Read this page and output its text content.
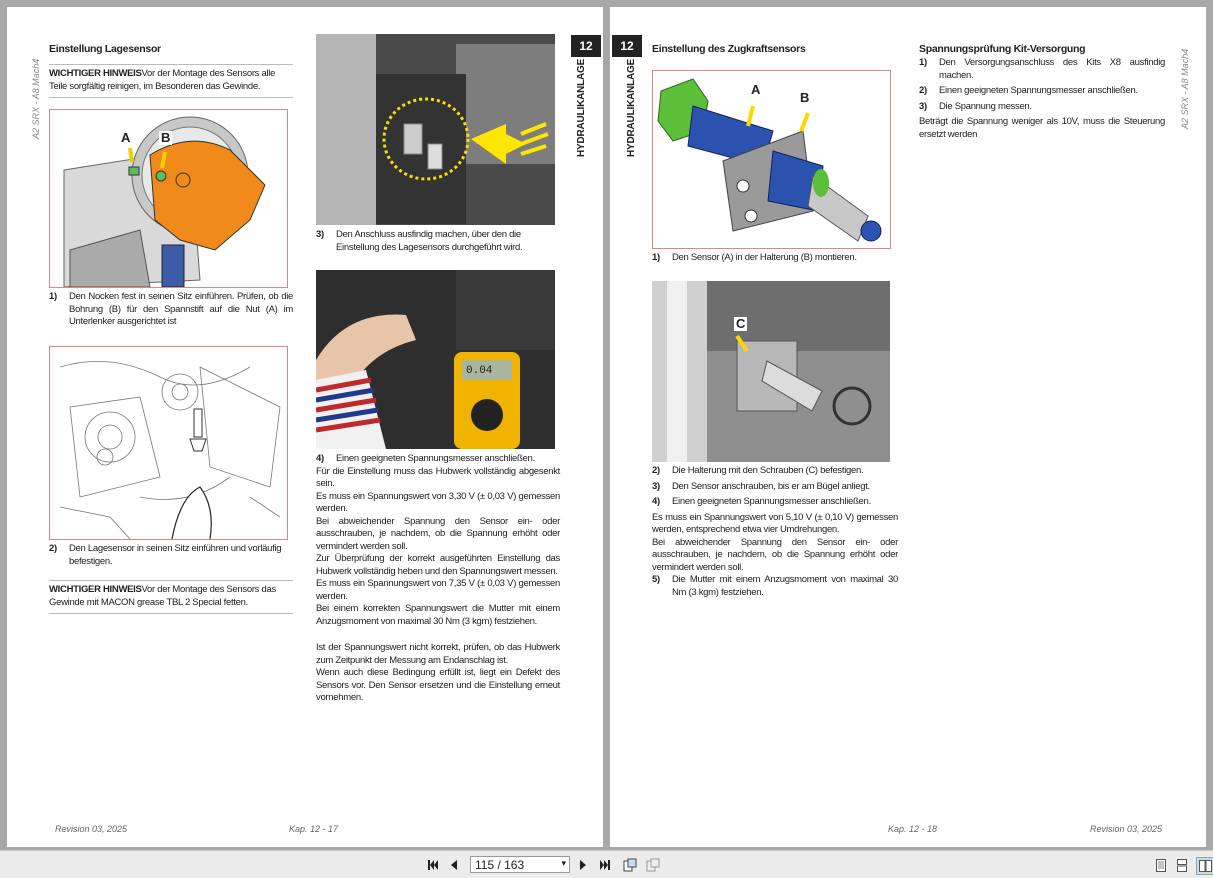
A2 SRX - A8 Mach4
Einstellung Lagesensor
WICHTIGER HINWEISVor der Montage des Sensors alle Teile sorgfältig reinigen, im Besonderen das Gewinde.
A B
1)	Den Nocken fest in seinen Sitz einführen. Prüfen, ob die Bohrung (B) für den Spannstift auf die Nut (A) im Unterlenker ausgerichtet ist
2)	Den Lagesensor in seinen Sitz einführen und vorläufig befestigen.
WICHTIGER HINWEISVor der Montage des Sensors das Gewinde mit MACON grease TBL 2 Special fetten.
3)	Den Anschluss ausfindig machen, über den die Einstellung des Lagesensors durchgeführt wird.
0.04
4)	Einen geeigneten Spannungsmesser anschließen.
Für die Einstellung muss das Hubwerk vollständig abgesenkt sein.
Es muss ein Spannungswert von 3,30 V (± 0,03 V) gemessen werden.
Bei abweichender Spannung den Sensor ein- oder ausschrauben, je nachdem, ob die Spannung erhöht oder vermindert werden soll.
Zur Überprüfung der korrekt ausgeführten Einstellung das Hubwerk vollständig heben und den Spannungswert messen.
Es muss ein Spannungswert von 7,35 V (± 0,03 V) gemessen werden.
Bei einem korrekten Spannungswert die Mutter mit einem Anzugsmoment von maximal 30 Nm (3 kgm) festziehen.
Ist der Spannungswert nicht korrekt, prüfen, ob das Hubwerk zum Zeitpunkt der Messung am Endanschlag ist.
Wenn auch diese Bedingung erfüllt ist, liegt ein Defekt des Sensors vor. Den Sensor ersetzen und die Einstellung erneut vornehmen.
12
HYDRAULIKANLAGE
Revision 03, 2025	Kap. 12 - 17
12
HYDRAULIKANLAGE
Einstellung des Zugkraftsensors
A
B
1)	Den Sensor (A) in der Halterung (B) montieren.
C
2)	Die Halterung mit den Schrauben (C) befestigen.
3)	Den Sensor anschrauben, bis er am Bügel anliegt.
4)	Einen geeigneten Spannungsmesser anschließen.
Es muss ein Spannungswert von 5,10 V (± 0,10 V) gemessen werden, entsprechend etwa vier Umdrehungen.
Bei abweichender Spannung den Sensor ein- oder ausschrauben, je nachdem, ob die Spannung erhöht oder vermindert werden soll.
5)	Die Mutter mit einem Anzugsmoment von maximal 30 Nm (3 kgm) festziehen.
Spannungsprüfung Kit-Versorgung
1)	Den Versorgungsanschluss des Kits X8 ausfindig machen.
2)	Einen geeigneten Spannungsmesser anschließen.
3)	Die Spannung messen.
Beträgt die Spannung weniger als 10V, muss die Steuerung ersetzt werden
A2 SRX - A8 Mach4
Kap. 12 - 18	Revision 03, 2025
115 / 163	▾
